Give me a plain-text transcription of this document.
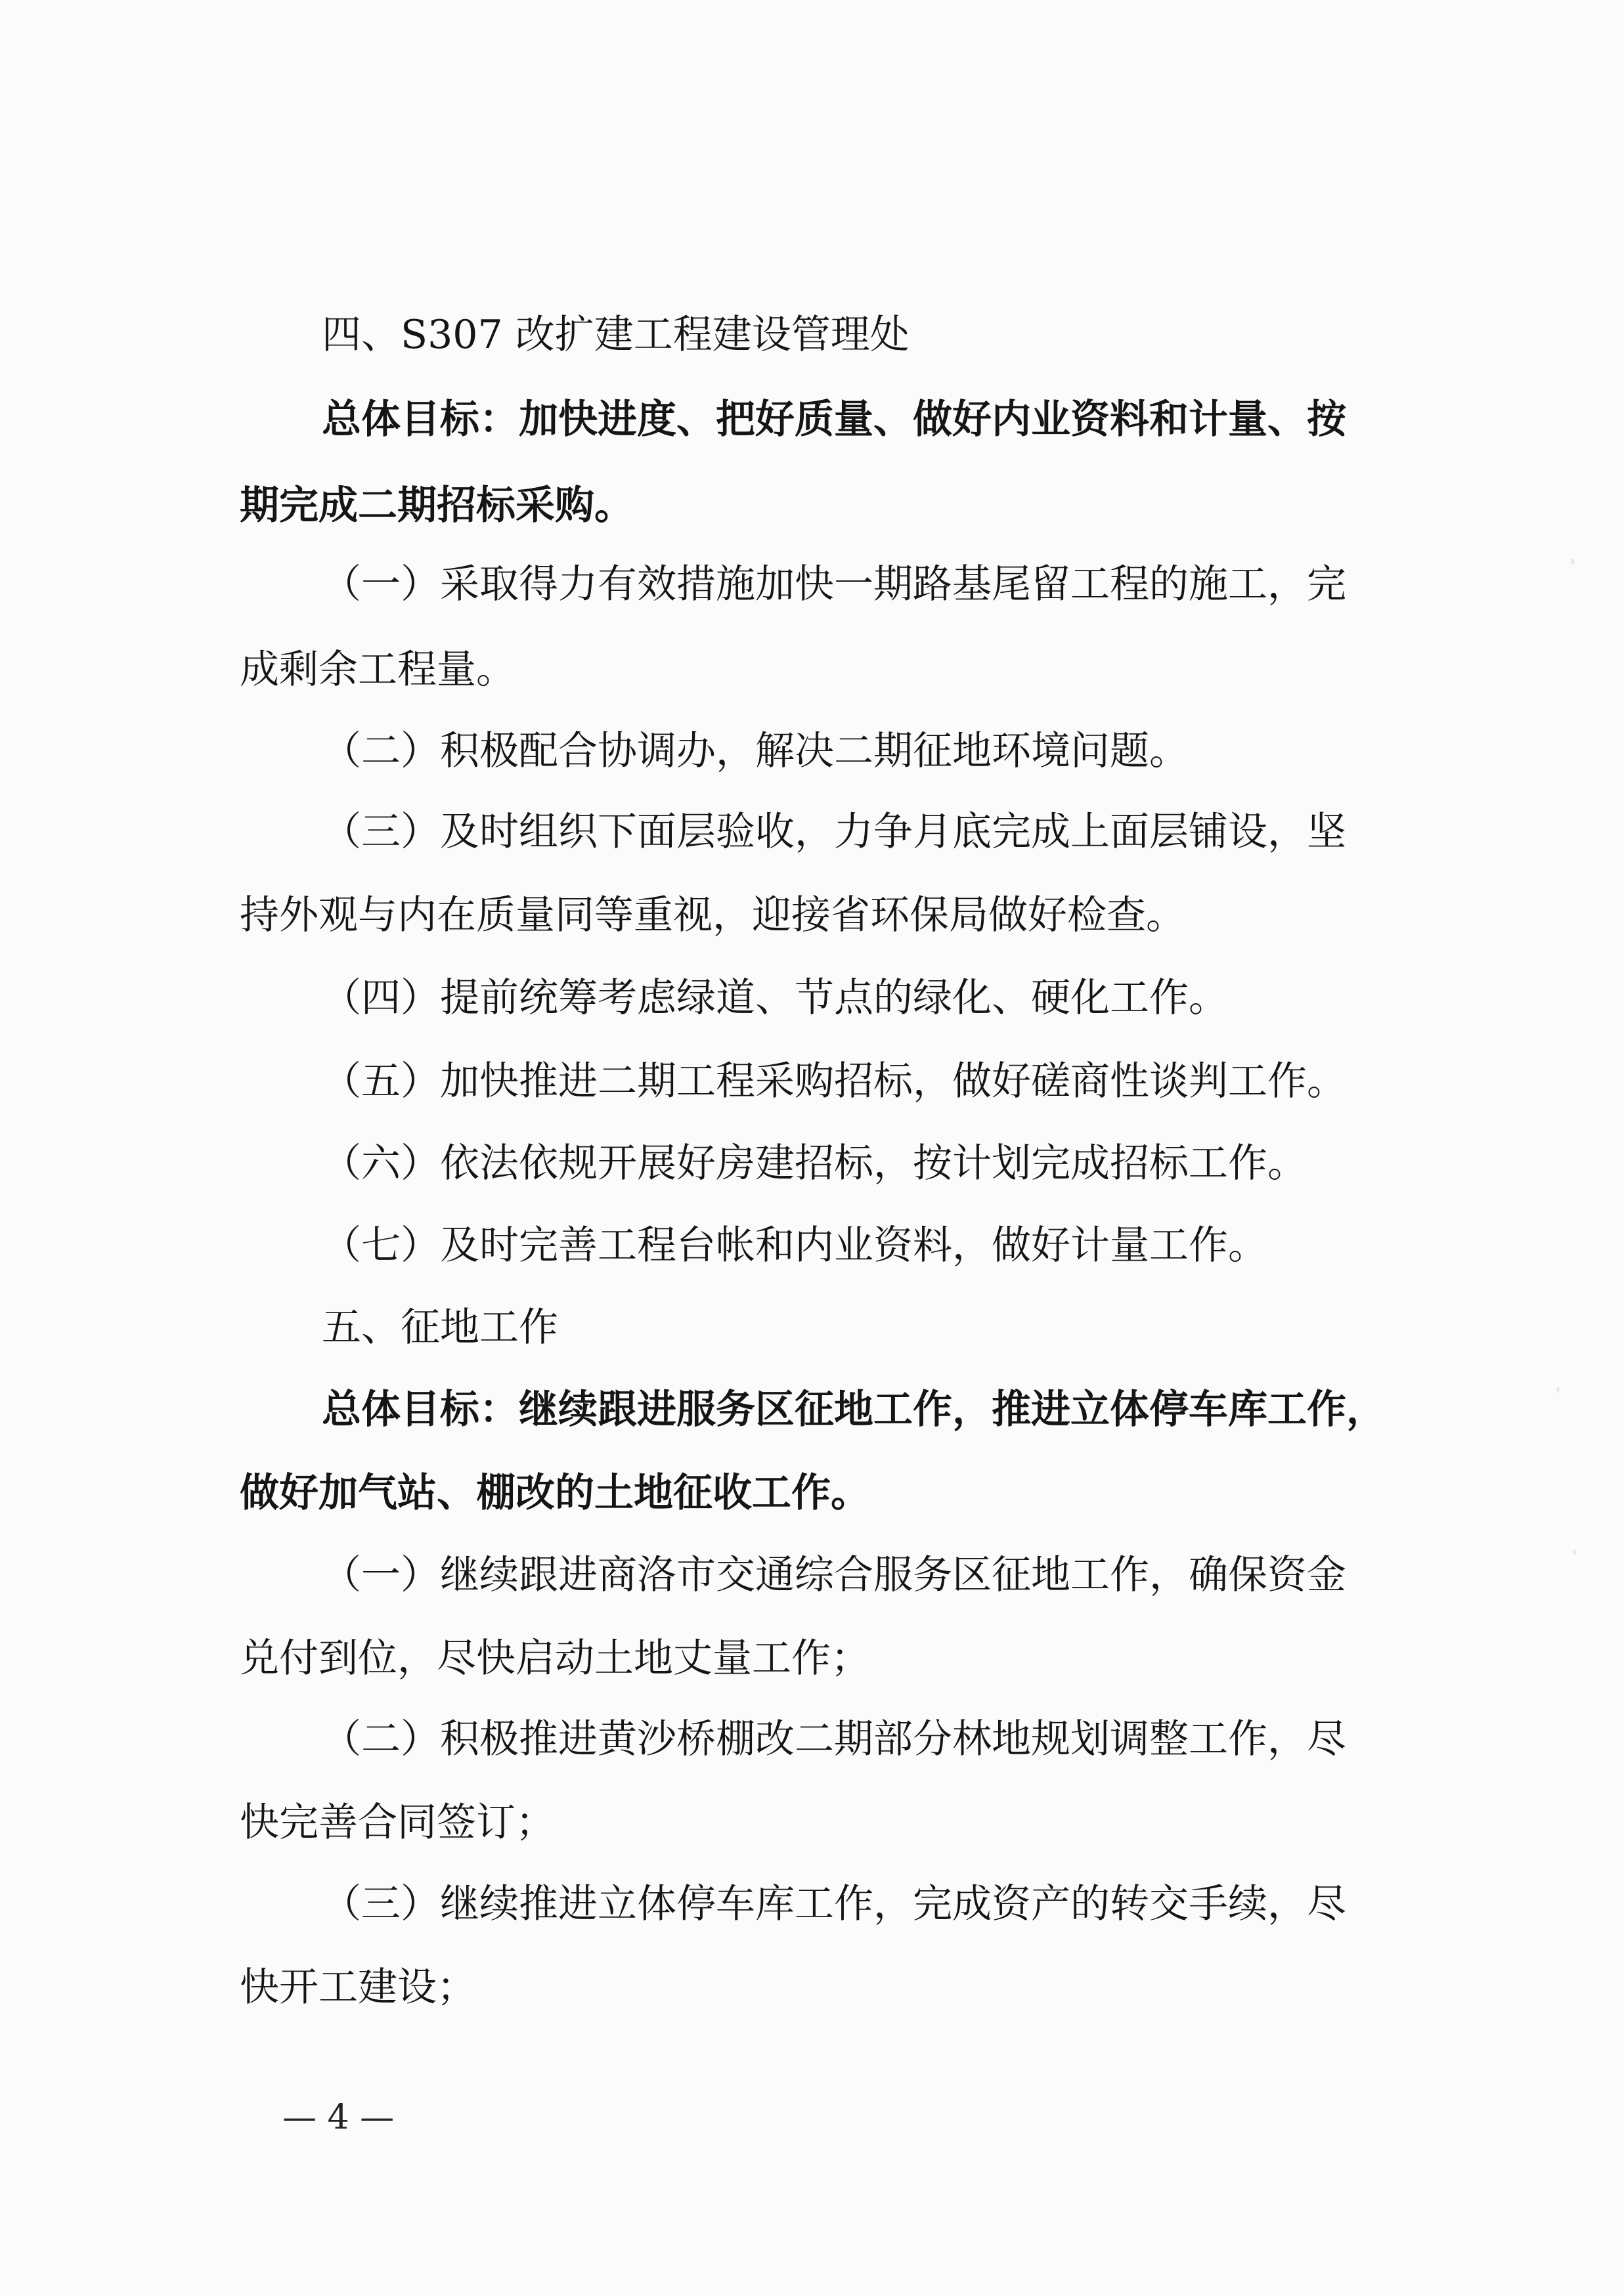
四、S307 改扩建工程建设管理处
总体目标：加快进度、把好质量、做好内业资料和计量、按
期完成二期招标采购。
（一）采取得力有效措施加快一期路基尾留工程的施工，完
成剩余工程量。
（二）积极配合协调办，解决二期征地环境问题。
（三）及时组织下面层验收，力争月底完成上面层铺设，坚
持外观与内在质量同等重视，迎接省环保局做好检查。
（四）提前统筹考虑绿道、节点的绿化、硬化工作。
（五）加快推进二期工程采购招标，做好磋商性谈判工作。
（六）依法依规开展好房建招标，按计划完成招标工作。
（七）及时完善工程台帐和内业资料，做好计量工作。
五、征地工作
总体目标：继续跟进服务区征地工作，推进立体停车库工作，
做好加气站、棚改的土地征收工作。
（一）继续跟进商洛市交通综合服务区征地工作，确保资金
兑付到位，尽快启动土地丈量工作；
（二）积极推进黄沙桥棚改二期部分林地规划调整工作，尽
快完善合同签订；
（三）继续推进立体停车库工作，完成资产的转交手续，尽
快开工建设；
— 4 —
